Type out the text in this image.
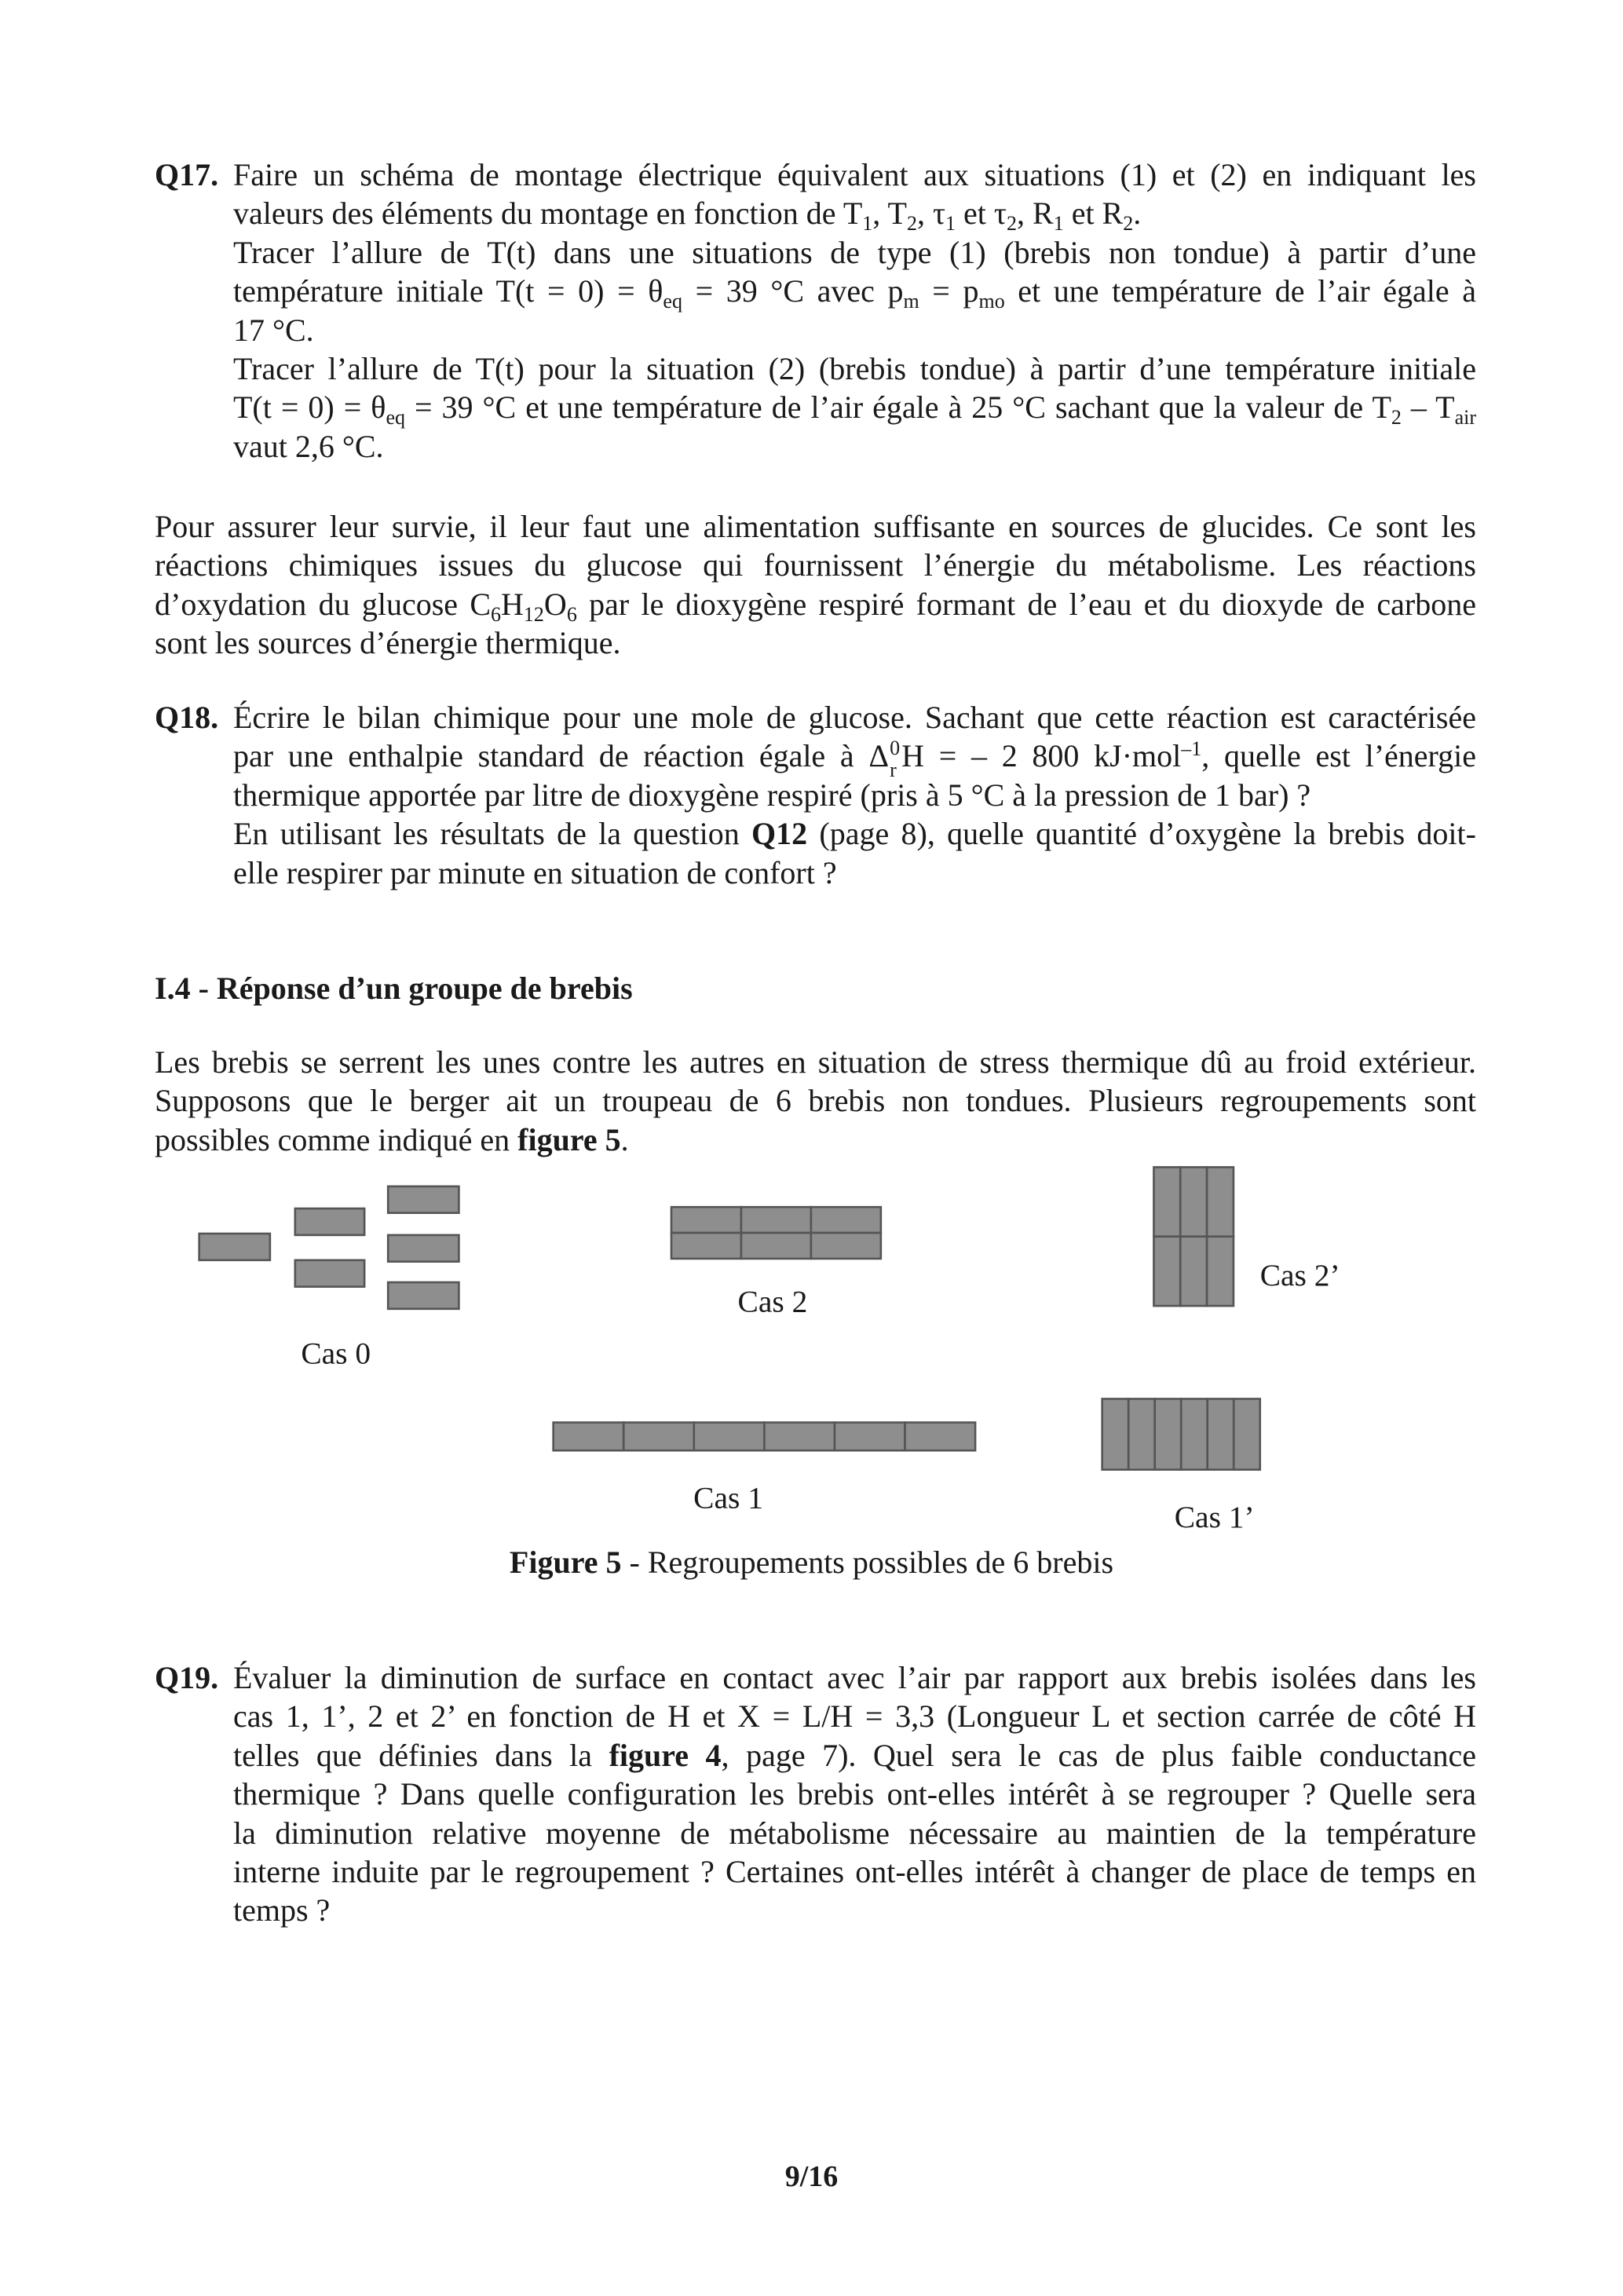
Q17. Faire un schéma de montage électrique équivalent aux situations (1) et (2) en indiquant les
valeurs des éléments du montage en fonction de $T_1$, $T_2$, $\tau_1$ et $\tau_2$, $R_1$ et $R_2$.
Tracer l’allure de T(t) dans une situations de type (1) (brebis non tondue) à partir d’une
température initiale $T(t = 0) = \theta_{eq} = 39$ °C avec $p_m = p_{mo}$ et une température de l’air égale à
17 °C.
Tracer l’allure de T(t) pour la situation (2) (brebis tondue) à partir d’une température initiale
$T(t = 0) = \theta_{eq} = 39$ °C et une température de l’air égale à 25 °C sachant que la valeur de $T_2 - T_{air}$
vaut 2,6 °C.
Pour assurer leur survie, il leur faut une alimentation suffisante en sources de glucides. Ce sont les
réactions chimiques issues du glucose qui fournissent l’énergie du métabolisme. Les réactions
d’oxydation du glucose $C_6H_{12}O_6$ par le dioxygène respiré formant de l’eau et du dioxyde de carbone
sont les sources d’énergie thermique.
Q18. Écrire le bilan chimique pour une mole de glucose. Sachant que cette réaction est caractérisée
par une enthalpie standard de réaction égale à Δ r
0 H = – 2 800 kJ·mol$^{-1}$, quelle est l’énergie
thermique apportée par litre de dioxygène respiré (pris à 5 °C à la pression de 1 bar) ?
En utilisant les résultats de la question Q12 (page 8), quelle quantité d’oxygène la brebis doit-
elle respirer par minute en situation de confort ?
I.4 - Réponse d’un groupe de brebis
Les brebis se serrent les unes contre les autres en situation de stress thermique dû au froid extérieur.
Supposons que le berger ait un troupeau de 6 brebis non tondues. Plusieurs regroupements sont
possibles comme indiqué en figure 5.
Cas 0
Cas 2
Cas 2’
Cas 1
Cas 1’
Figure 5 - Regroupements possibles de 6 brebis
Q19. Évaluer la diminution de surface en contact avec l’air par rapport aux brebis isolées dans les
cas 1, 1’, 2 et 2’ en fonction de H et X = L/H = 3,3 (Longueur L et section carrée de côté H
telles que définies dans la figure 4, page 7). Quel sera le cas de plus faible conductance
thermique ? Dans quelle configuration les brebis ont-elles intérêt à se regrouper ? Quelle sera
la diminution relative moyenne de métabolisme nécessaire au maintien de la température
interne induite par le regroupement ? Certaines ont-elles intérêt à changer de place de temps en
temps ?
9/16
